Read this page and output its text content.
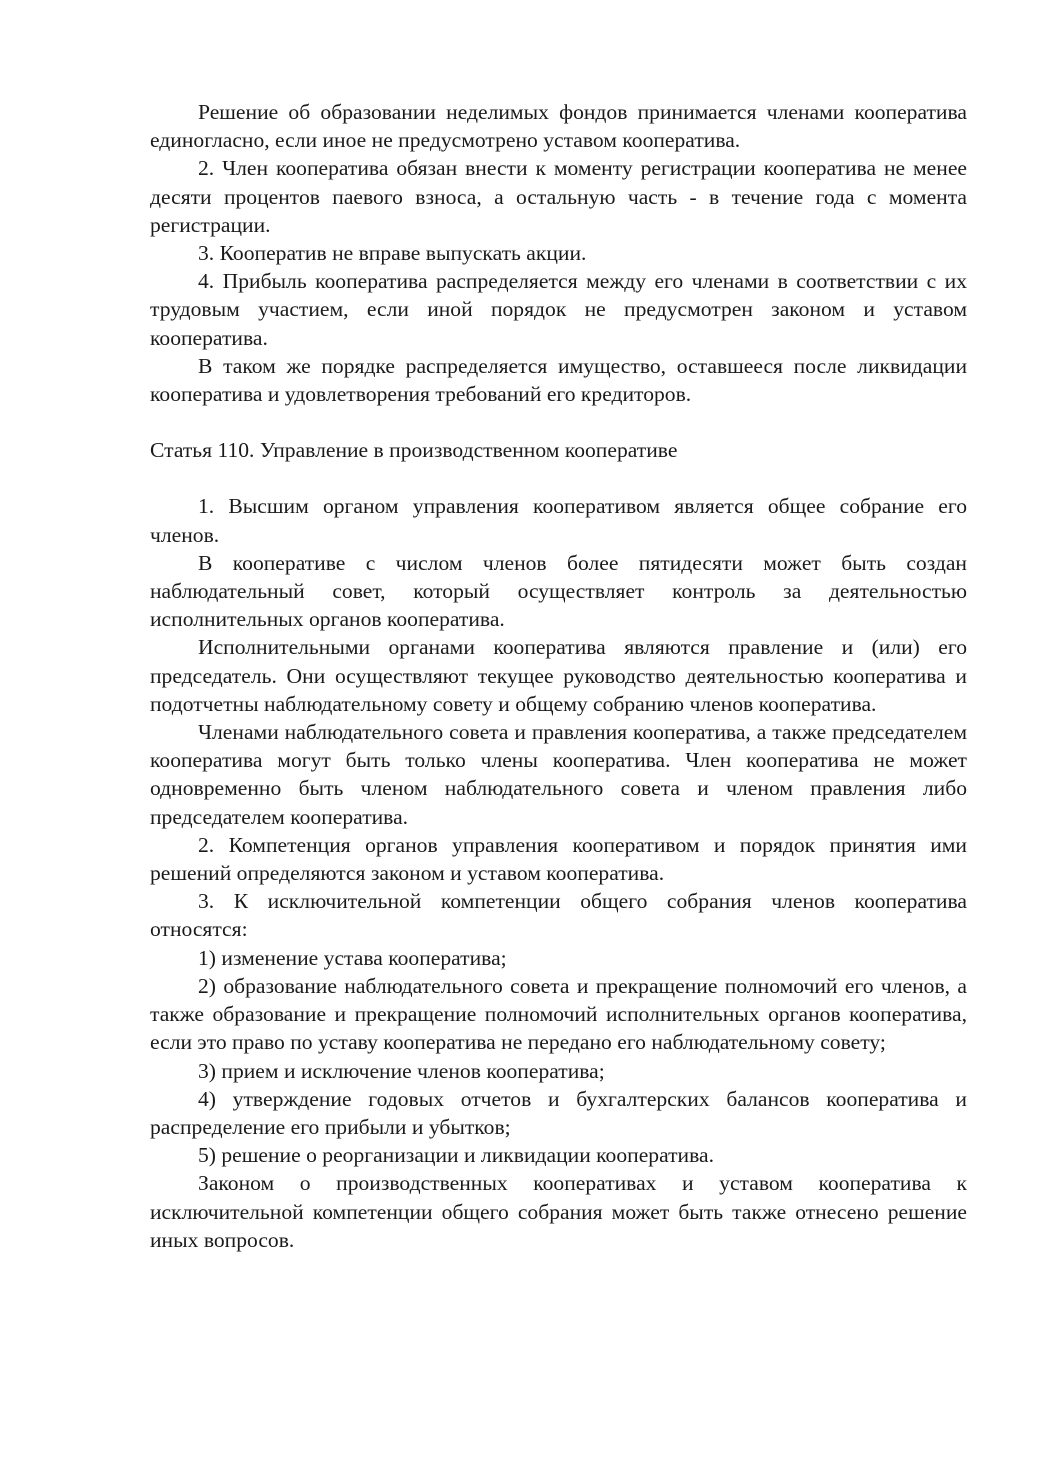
Решение об образовании неделимых фондов принимается членами кооператива единогласно, если иное не предусмотрено уставом кооператива.

2. Член кооператива обязан внести к моменту регистрации кооператива не менее десяти процентов паевого взноса, а остальную часть - в течение года с момента регистрации.

3. Кооператив не вправе выпускать акции.

4. Прибыль кооператива распределяется между его членами в соответствии с их трудовым участием, если иной порядок не предусмотрен законом и уставом кооператива.

В таком же порядке распределяется имущество, оставшееся после ликвидации кооператива и удовлетворения требований его кредиторов.

Статья 110. Управление в производственном кооперативе

1. Высшим органом управления кооперативом является общее собрание его членов.

В кооперативе с числом членов более пятидесяти может быть создан наблюдательный совет, который осуществляет контроль за деятельностью исполнительных органов кооператива.

Исполнительными органами кооператива являются правление и (или) его председатель. Они осуществляют текущее руководство деятельностью кооператива и подотчетны наблюдательному совету и общему собранию членов кооператива.

Членами наблюдательного совета и правления кооператива, а также председателем кооператива могут быть только члены кооператива. Член кооператива не может одновременно быть членом наблюдательного совета и членом правления либо председателем кооператива.

2. Компетенция органов управления кооперативом и порядок принятия ими решений определяются законом и уставом кооператива.

3. К исключительной компетенции общего собрания членов кооператива относятся:

1) изменение устава кооператива;

2) образование наблюдательного совета и прекращение полномочий его членов, а также образование и прекращение полномочий исполнительных органов кооператива, если это право по уставу кооператива не передано его наблюдательному совету;

3) прием и исключение членов кооператива;

4) утверждение годовых отчетов и бухгалтерских балансов кооператива и распределение его прибыли и убытков;

5) решение о реорганизации и ликвидации кооператива.

Законом о производственных кооперативах и уставом кооператива к исключительной компетенции общего собрания может быть также отнесено решение иных вопросов.
